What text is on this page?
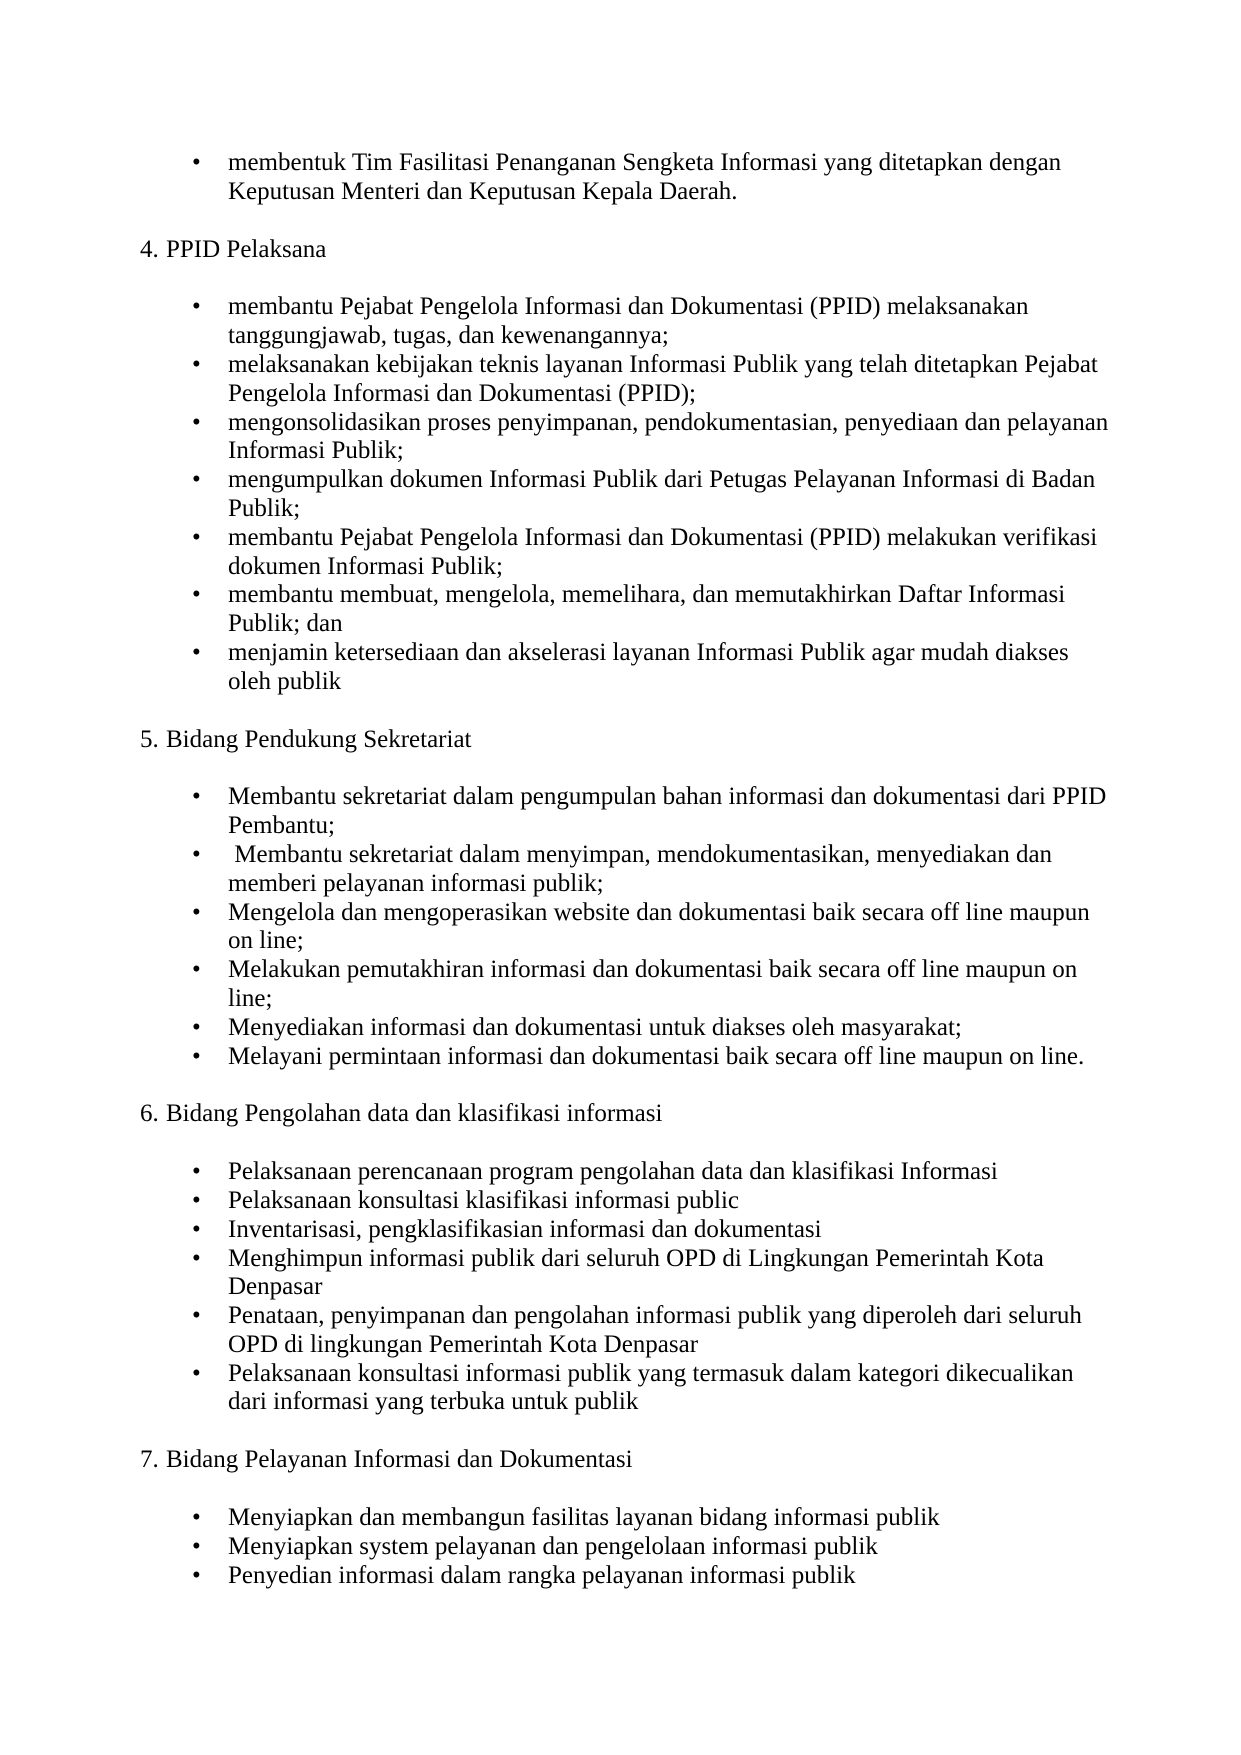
•	membentuk Tim Fasilitasi Penanganan Sengketa Informasi yang ditetapkan dengan Keputusan Menteri dan Keputusan Kepala Daerah.
4. PPID Pelaksana
•	membantu Pejabat Pengelola Informasi dan Dokumentasi (PPID) melaksanakan tanggungjawab, tugas, dan kewenangannya;
•	melaksanakan kebijakan teknis layanan Informasi Publik yang telah ditetapkan Pejabat Pengelola Informasi dan Dokumentasi (PPID);
•	mengonsolidasikan proses penyimpanan, pendokumentasian, penyediaan dan pelayanan Informasi Publik;
•	mengumpulkan dokumen Informasi Publik dari Petugas Pelayanan Informasi di Badan Publik;
•	membantu Pejabat Pengelola Informasi dan Dokumentasi (PPID) melakukan verifikasi dokumen Informasi Publik;
•	membantu membuat, mengelola, memelihara, dan memutakhirkan Daftar Informasi Publik; dan
•	menjamin ketersediaan dan akselerasi layanan Informasi Publik agar mudah diakses oleh publik
5. Bidang Pendukung Sekretariat
•	Membantu sekretariat dalam pengumpulan bahan informasi dan dokumentasi dari PPID Pembantu;
•	Membantu sekretariat dalam menyimpan, mendokumentasikan, menyediakan dan memberi pelayanan informasi publik;
•	Mengelola dan mengoperasikan website dan dokumentasi baik secara off line maupun on line;
•	Melakukan pemutakhiran informasi dan dokumentasi baik secara off line maupun on line;
•	Menyediakan informasi dan dokumentasi untuk diakses oleh masyarakat;
•	Melayani permintaan informasi dan dokumentasi baik secara off line maupun on line.
6. Bidang Pengolahan data dan klasifikasi informasi
•	Pelaksanaan perencanaan program pengolahan data dan klasifikasi Informasi
•	Pelaksanaan konsultasi klasifikasi informasi public
•	Inventarisasi, pengklasifikasian informasi dan dokumentasi
•	Menghimpun informasi publik dari seluruh OPD di Lingkungan Pemerintah Kota Denpasar
•	Penataan, penyimpanan dan pengolahan informasi publik yang diperoleh dari seluruh OPD di lingkungan Pemerintah Kota Denpasar
•	Pelaksanaan konsultasi informasi publik yang termasuk dalam kategori dikecualikan dari informasi yang terbuka untuk publik
7. Bidang Pelayanan Informasi dan Dokumentasi
•	Menyiapkan dan membangun fasilitas layanan bidang informasi publik
•	Menyiapkan system pelayanan dan pengelolaan informasi publik
•	Penyedian informasi dalam rangka pelayanan informasi publik
